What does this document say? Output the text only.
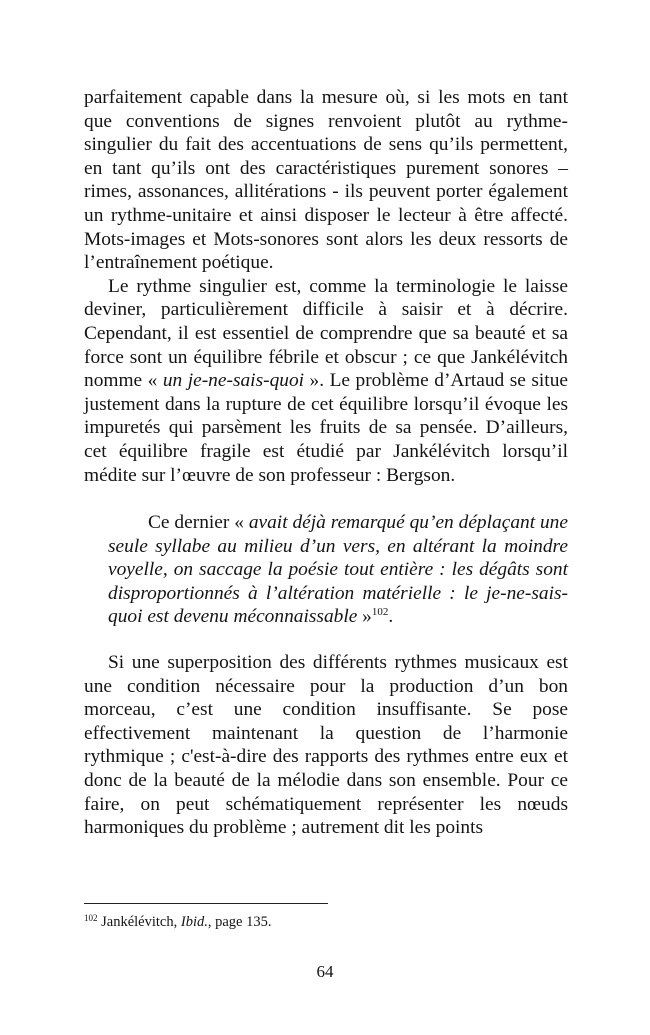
parfaitement capable dans la mesure où, si les mots en tant que conventions de signes renvoient plutôt au rythme-singulier du fait des accentuations de sens qu’ils permettent, en tant qu’ils ont des caractéristiques purement sonores – rimes, assonances, allitérations - ils peuvent porter également un rythme-unitaire et ainsi disposer le lecteur à être affecté. Mots-images et Mots-sonores sont alors les deux ressorts de l’entraînement poétique.

Le rythme singulier est, comme la terminologie le laisse deviner, particulièrement difficile à saisir et à décrire. Cependant, il est essentiel de comprendre que sa beauté et sa force sont un équilibre fébrile et obscur ; ce que Jankélévitch nomme « un je-ne-sais-quoi ». Le problème d’Artaud se situe justement dans la rupture de cet équilibre lorsqu’il évoque les impuretés qui parsèment les fruits de sa pensée. D’ailleurs, cet équilibre fragile est étudié par Jankélévitch lorsqu’il médite sur l’œuvre de son professeur : Bergson.

Ce dernier « avait déjà remarqué qu’en déplaçant une seule syllabe au milieu d’un vers, en altérant la moindre voyelle, on saccage la poésie tout entière : les dégâts sont disproportionnés à l’altération matérielle : le je-ne-sais-quoi est devenu méconnaissable »$^{102}$.

Si une superposition des différents rythmes musicaux est une condition nécessaire pour la production d’un bon morceau, c’est une condition insuffisante. Se pose effectivement maintenant la question de l’harmonie rythmique ; c'est-à-dire des rapports des rythmes entre eux et donc de la beauté de la mélodie dans son ensemble. Pour ce faire, on peut schématiquement représenter les nœuds harmoniques du problème ; autrement dit les points

$^{102}$ Jankélévitch, Ibid., page 135.
64
